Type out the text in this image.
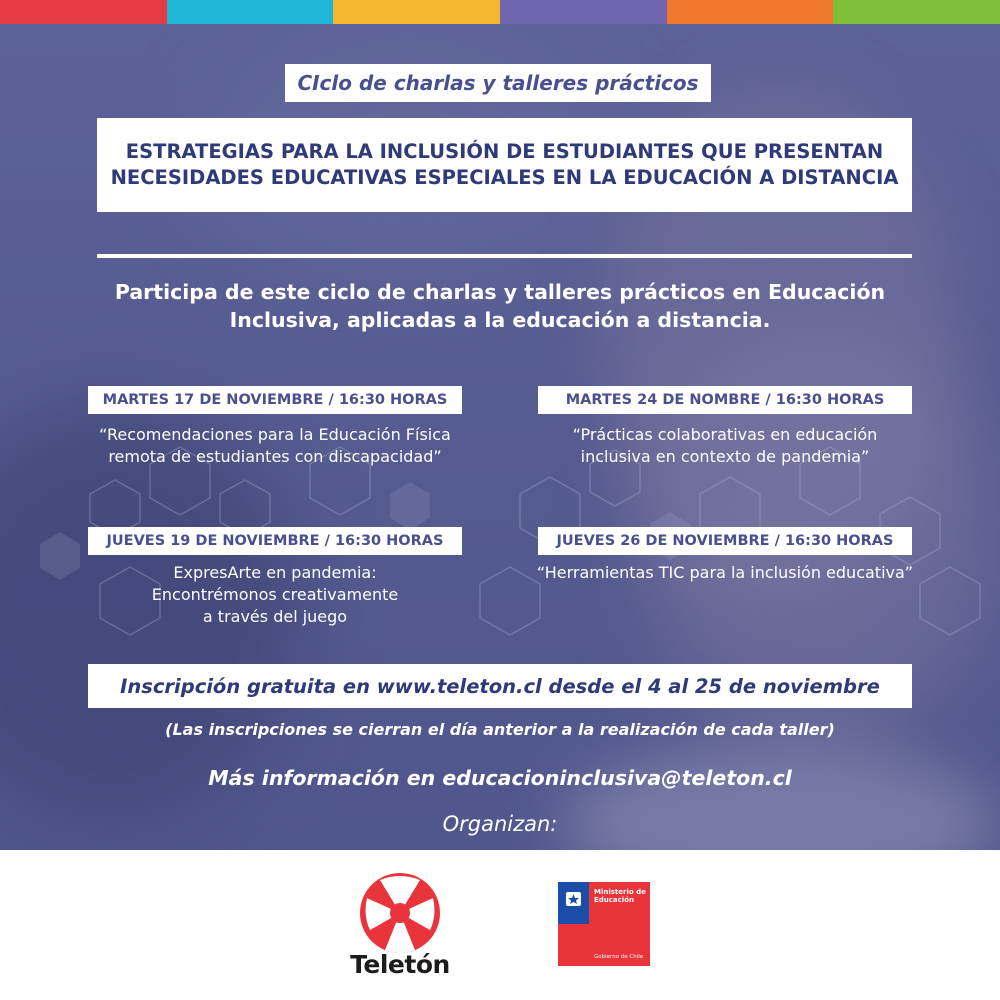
CIclo de charlas y talleres prácticos
ESTRATEGIAS PARA LA INCLUSIÓN DE ESTUDIANTES QUE PRESENTAN
NECESIDADES EDUCATIVAS ESPECIALES EN LA EDUCACIÓN A DISTANCIA
Participa de este ciclo de charlas y talleres prácticos en Educación
Inclusiva, aplicadas a la educación a distancia.
MARTES 17 DE NOVIEMBRE / 16:30 HORAS
“Recomendaciones para la Educación Física
remota de estudiantes con discapacidad”
MARTES 24 DE NOMBRE / 16:30 HORAS
“Prácticas colaborativas en educación
inclusiva en contexto de pandemia”
JUEVES 19 DE NOVIEMBRE / 16:30 HORAS
ExpresArte en pandemia:
Encontrémonos creativamente
a través del juego
JUEVES 26 DE NOVIEMBRE / 16:30 HORAS
“Herramientas TIC para la inclusión educativa”
Inscripción gratuita en www.teleton.cl desde el 4 al 25 de noviembre
(Las inscripciones se cierran el día anterior a la realización de cada taller)
Más información en educacioninclusiva@teleton.cl
Organizan:
Teletón
Ministerio de
Educación
Gobierno de Chile
